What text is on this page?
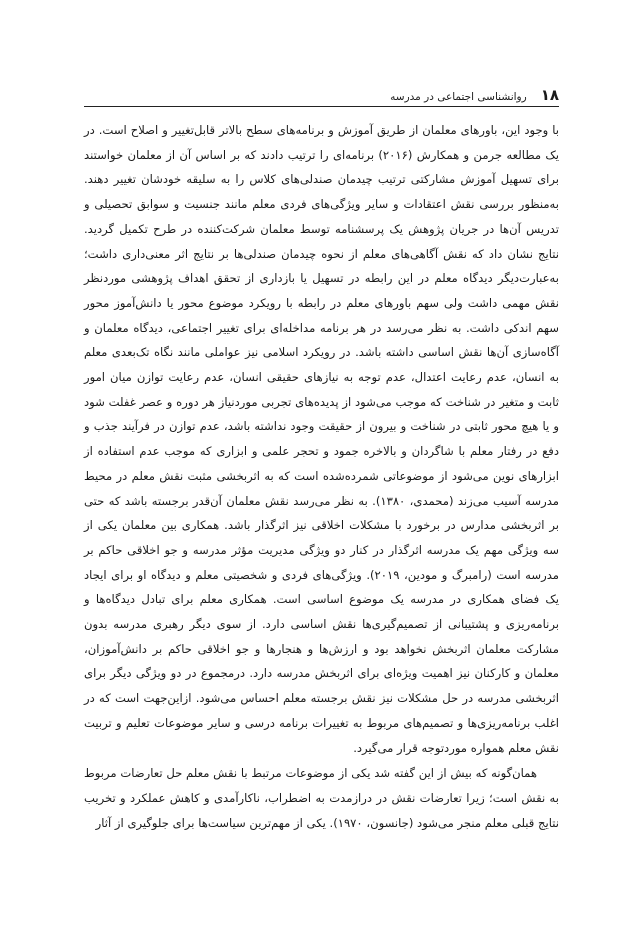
۱۸
روانشناسی اجتماعی در مدرسه

با وجود این، باورهای معلمان از طریق آموزش و برنامه‌های سطح بالاتر قابل‌تغییر و اصلاح است. در یک مطالعه جرمن و همکارش (۲۰۱۶) برنامه‌ای را ترتیب دادند که بر اساس آن از معلمان خواستند برای تسهیل آموزش مشارکتی ترتیب چیدمان صندلی‌های کلاس را به سلیقه خودشان تغییر دهند. به‌منظور بررسی نقش اعتقادات و سایر ویژگی‌های فردی معلم مانند جنسیت و سوابق تحصیلی و تدریس آن‌ها در جریان پژوهش یک پرسشنامه توسط معلمان شرکت‌کننده در طرح تکمیل گردید. نتایج نشان داد که نقش آگاهی‌های معلم از نحوه چیدمان صندلی‌ها بر نتایج اثر معنی‌داری داشت؛ به‌عبارت‌دیگر دیدگاه معلم در این رابطه در تسهیل یا بازداری از تحقق اهداف پژوهشی موردنظر نقش مهمی داشت ولی سهم باورهای معلم در رابطه با رویکرد موضوع محور یا دانش‌آموز محور سهم اندکی داشت. به نظر می‌رسد در هر برنامه مداخله‌ای برای تغییر اجتماعی، دیدگاه معلمان و آگاه‌سازی آن‌ها نقش اساسی داشته باشد. در رویکرد اسلامی نیز عواملی مانند نگاه تک‌بعدی معلم به انسان، عدم رعایت اعتدال، عدم توجه به نیازهای حقیقی انسان، عدم رعایت توازن میان امور ثابت و متغیر در شناخت که موجب می‌شود از پدیده‌های تجربی موردنیاز هر دوره و عصر غفلت شود و یا هیچ محور ثابتی در شناخت و بیرون از حقیقت وجود نداشته باشد، عدم توازن در فرآیند جذب و دفع در رفتار معلم با شاگردان و بالاخره جمود و تحجر علمی و ابزاری که موجب عدم استفاده از ابزارهای نوین می‌شود از موضوعاتی شمرده‌شده است که به اثربخشی مثبت نقش معلم در محیط مدرسه آسیب می‌زند (محمدی، ۱۳۸۰). به نظر می‌رسد نقش معلمان آن‌قدر برجسته باشد که حتی بر اثربخشی مدارس در برخورد با مشکلات اخلاقی نیز اثرگذار باشد. همکاری بین معلمان یکی از سه ویژگی مهم یک مدرسه اثرگذار در کنار دو ویژگی مدیریت مؤثر مدرسه و جو اخلاقی حاکم بر مدرسه است (رامبرگ و مودین، ۲۰۱۹). ویژگی‌های فردی و شخصیتی معلم و دیدگاه او برای ایجاد یک فضای همکاری در مدرسه یک موضوع اساسی است. همکاری معلم برای تبادل دیدگاه‌ها و برنامه‌ریزی و پشتیبانی از تصمیم‌گیری‌ها نقش اساسی دارد. از سوی دیگر رهبری مدرسه بدون مشارکت معلمان اثربخش نخواهد بود و ارزش‌ها و هنجارها و جو اخلاقی حاکم بر دانش‌آموزان، معلمان و کارکنان نیز اهمیت ویژه‌ای برای اثربخش مدرسه دارد. درمجموع در دو ویژگی دیگر برای اثربخشی مدرسه در حل مشکلات نیز نقش برجسته معلم احساس می‌شود. ازاین‌جهت است که در اغلب برنامه‌ریزی‌ها و تصمیم‌های مربوط به تغییرات برنامه درسی و سایر موضوعات تعلیم و تربیت نقش معلم همواره موردتوجه قرار می‌گیرد.

همان‌گونه که بیش از این گفته شد یکی از موضوعات مرتبط با نقش معلم حل تعارضات مربوط به نقش است؛ زیرا تعارضات نقش در درازمدت به اضطراب، ناکارآمدی و کاهش عملکرد و تخریب نتایج قبلی معلم منجر می‌شود (جانسون، ۱۹۷۰). یکی از مهم‌ترین سیاست‌ها برای جلوگیری از آثار
